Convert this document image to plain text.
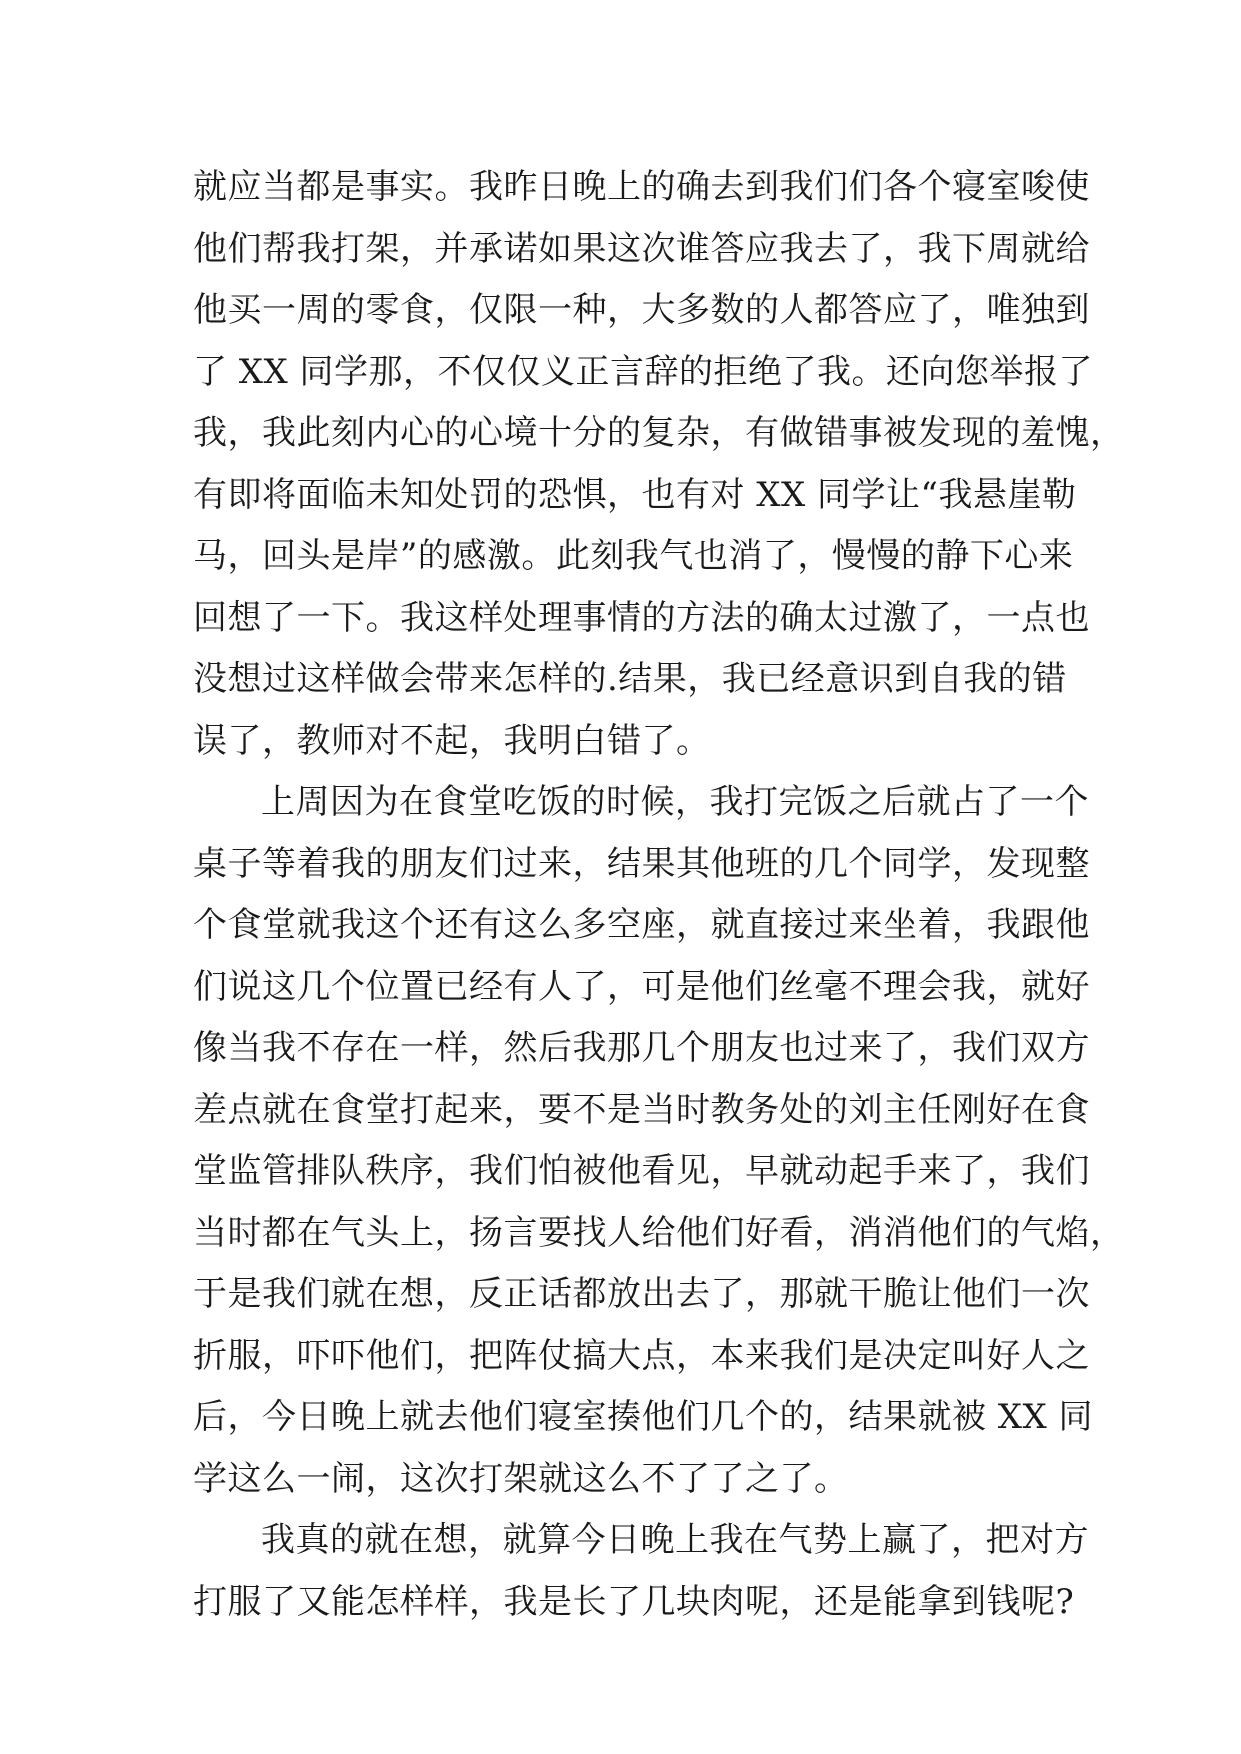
就应当都是事实。我昨日晚上的确去到我们们各个寝室唆使
他们帮我打架，并承诺如果这次谁答应我去了，我下周就给
他买一周的零食，仅限一种，大多数的人都答应了，唯独到
了 XX 同学那，不仅仅义正言辞的拒绝了我。还向您举报了
我，我此刻内心的心境十分的复杂，有做错事被发现的羞愧，
有即将面临未知处罚的恐惧，也有对 XX 同学让“我悬崖勒
马，回头是岸”的感激。此刻我气也消了，慢慢的静下心来
回想了一下。我这样处理事情的方法的确太过激了，一点也
没想过这样做会带来怎样的.结果，我已经意识到自我的错
误了，教师对不起，我明白错了。
上周因为在食堂吃饭的时候，我打完饭之后就占了一个
桌子等着我的朋友们过来，结果其他班的几个同学，发现整
个食堂就我这个还有这么多空座，就直接过来坐着，我跟他
们说这几个位置已经有人了，可是他们丝毫不理会我，就好
像当我不存在一样，然后我那几个朋友也过来了，我们双方
差点就在食堂打起来，要不是当时教务处的刘主任刚好在食
堂监管排队秩序，我们怕被他看见，早就动起手来了，我们
当时都在气头上，扬言要找人给他们好看，消消他们的气焰，
于是我们就在想，反正话都放出去了，那就干脆让他们一次
折服，吓吓他们，把阵仗搞大点，本来我们是决定叫好人之
后，今日晚上就去他们寝室揍他们几个的，结果就被 XX 同
学这么一闹，这次打架就这么不了了之了。
我真的就在想，就算今日晚上我在气势上赢了，把对方
打服了又能怎样样，我是长了几块肉呢，还是能拿到钱呢?
